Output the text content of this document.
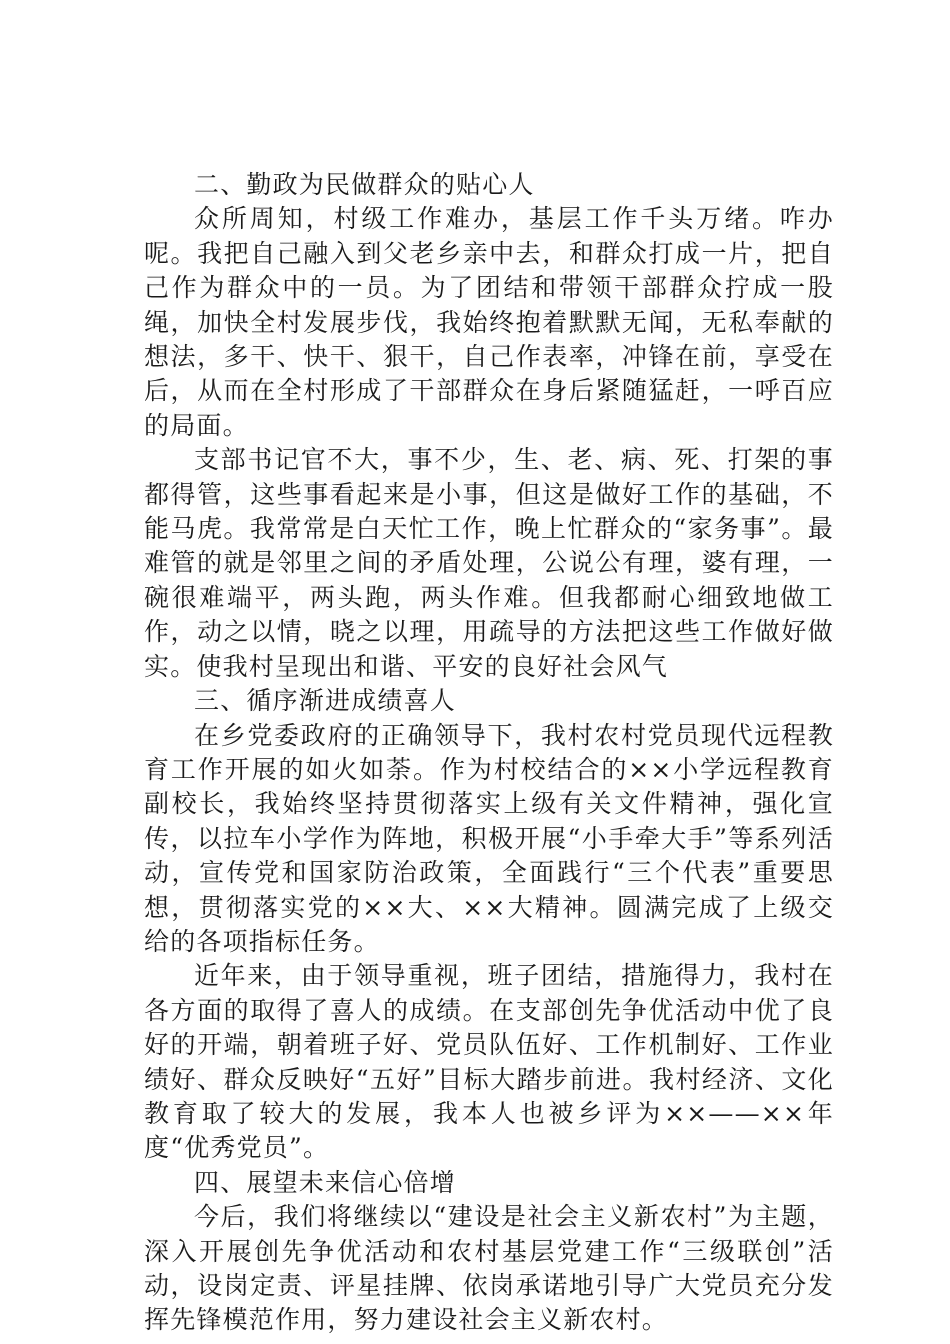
二、勤政为民做群众的贴心人

众所周知，村级工作难办，基层工作千头万绪。咋办呢。我把自己融入到父老乡亲中去，和群众打成一片，把自己作为群众中的一员。为了团结和带领干部群众拧成一股绳，加快全村发展步伐，我始终抱着默默无闻，无私奉献的想法，多干、快干、狠干，自己作表率，冲锋在前，享受在后，从而在全村形成了干部群众在身后紧随猛赶，一呼百应的局面。

支部书记官不大，事不少，生、老、病、死、打架的事都得管，这些事看起来是小事，但这是做好工作的基础，不能马虎。我常常是白天忙工作，晚上忙群众的“家务事”。最难管的就是邻里之间的矛盾处理，公说公有理，婆有理，一碗很难端平，两头跑，两头作难。但我都耐心细致地做工作，动之以情，晓之以理，用疏导的方法把这些工作做好做实。使我村呈现出和谐、平安的良好社会风气

三、循序渐进成绩喜人

在乡党委政府的正确领导下，我村农村党员现代远程教育工作开展的如火如荼。作为村校结合的××小学远程教育副校长，我始终坚持贯彻落实上级有关文件精神，强化宣传，以拉车小学作为阵地，积极开展“小手牵大手”等系列活动，宣传党和国家防治政策，全面践行“三个代表”重要思想，贯彻落实党的××大、××大精神。圆满完成了上级交给的各项指标任务。

近年来，由于领导重视，班子团结，措施得力，我村在各方面的取得了喜人的成绩。在支部创先争优活动中优了良好的开端，朝着班子好、党员队伍好、工作机制好、工作业绩好、群众反映好“五好”目标大踏步前进。我村经济、文化教育取了较大的发展，我本人也被乡评为××——××年度“优秀党员”。

四、展望未来信心倍增

今后，我们将继续以“建设是社会主义新农村”为主题，深入开展创先争优活动和农村基层党建工作“三级联创”活动，设岗定责、评星挂牌、依岗承诺地引导广大党员充分发挥先锋模范作用，努力建设社会主义新农村。
